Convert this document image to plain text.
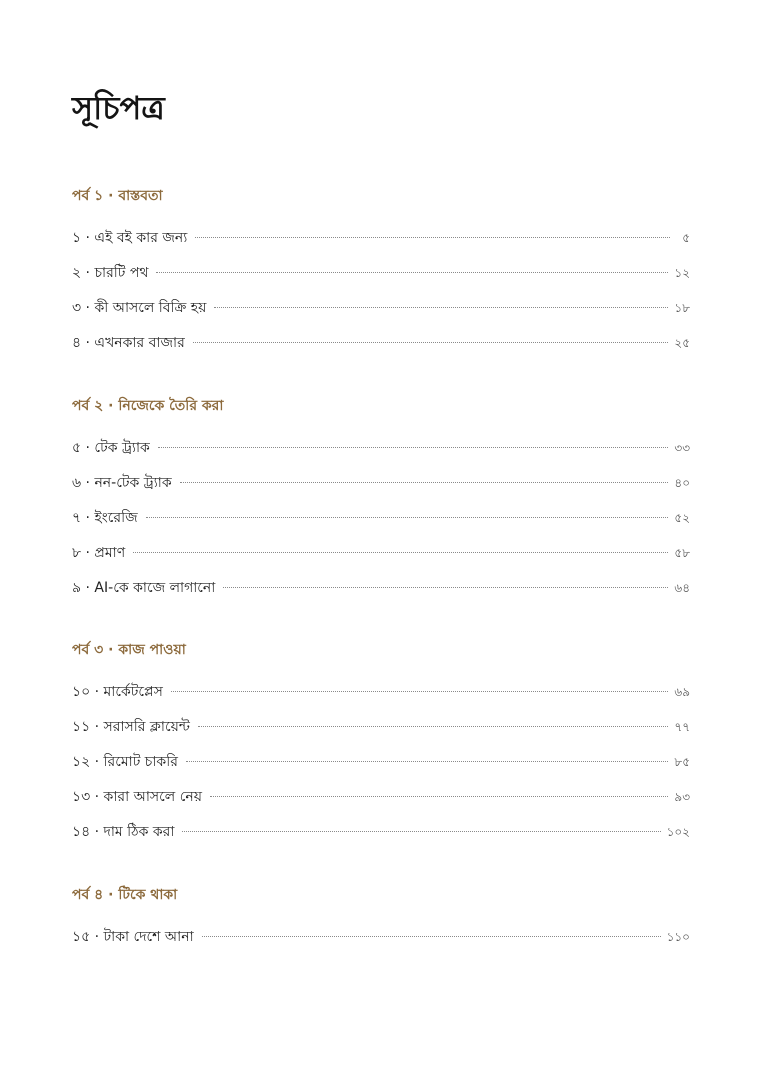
সূচিপত্র
পর্ব ১ · বাস্তবতা
১ · এই বই কার জন্য	৫
২ · চারটি পথ	১২
৩ · কী আসলে বিক্রি হয়	১৮
৪ · এখনকার বাজার	২৫
পর্ব ২ · নিজেকে তৈরি করা
৫ · টেক ট্র্যাক	৩৩
৬ · নন-টেক ট্র্যাক	৪০
৭ · ইংরেজি	৫২
৮ · প্রমাণ	৫৮
৯ · AI-কে কাজে লাগানো	৬৪
পর্ব ৩ · কাজ পাওয়া
১০ · মার্কেটপ্লেস	৬৯
১১ · সরাসরি ক্লায়েন্ট	৭৭
১২ · রিমোট চাকরি	৮৫
১৩ · কারা আসলে নেয়	৯৩
১৪ · দাম ঠিক করা	১০২
পর্ব ৪ · টিকে থাকা
১৫ · টাকা দেশে আনা	১১০
